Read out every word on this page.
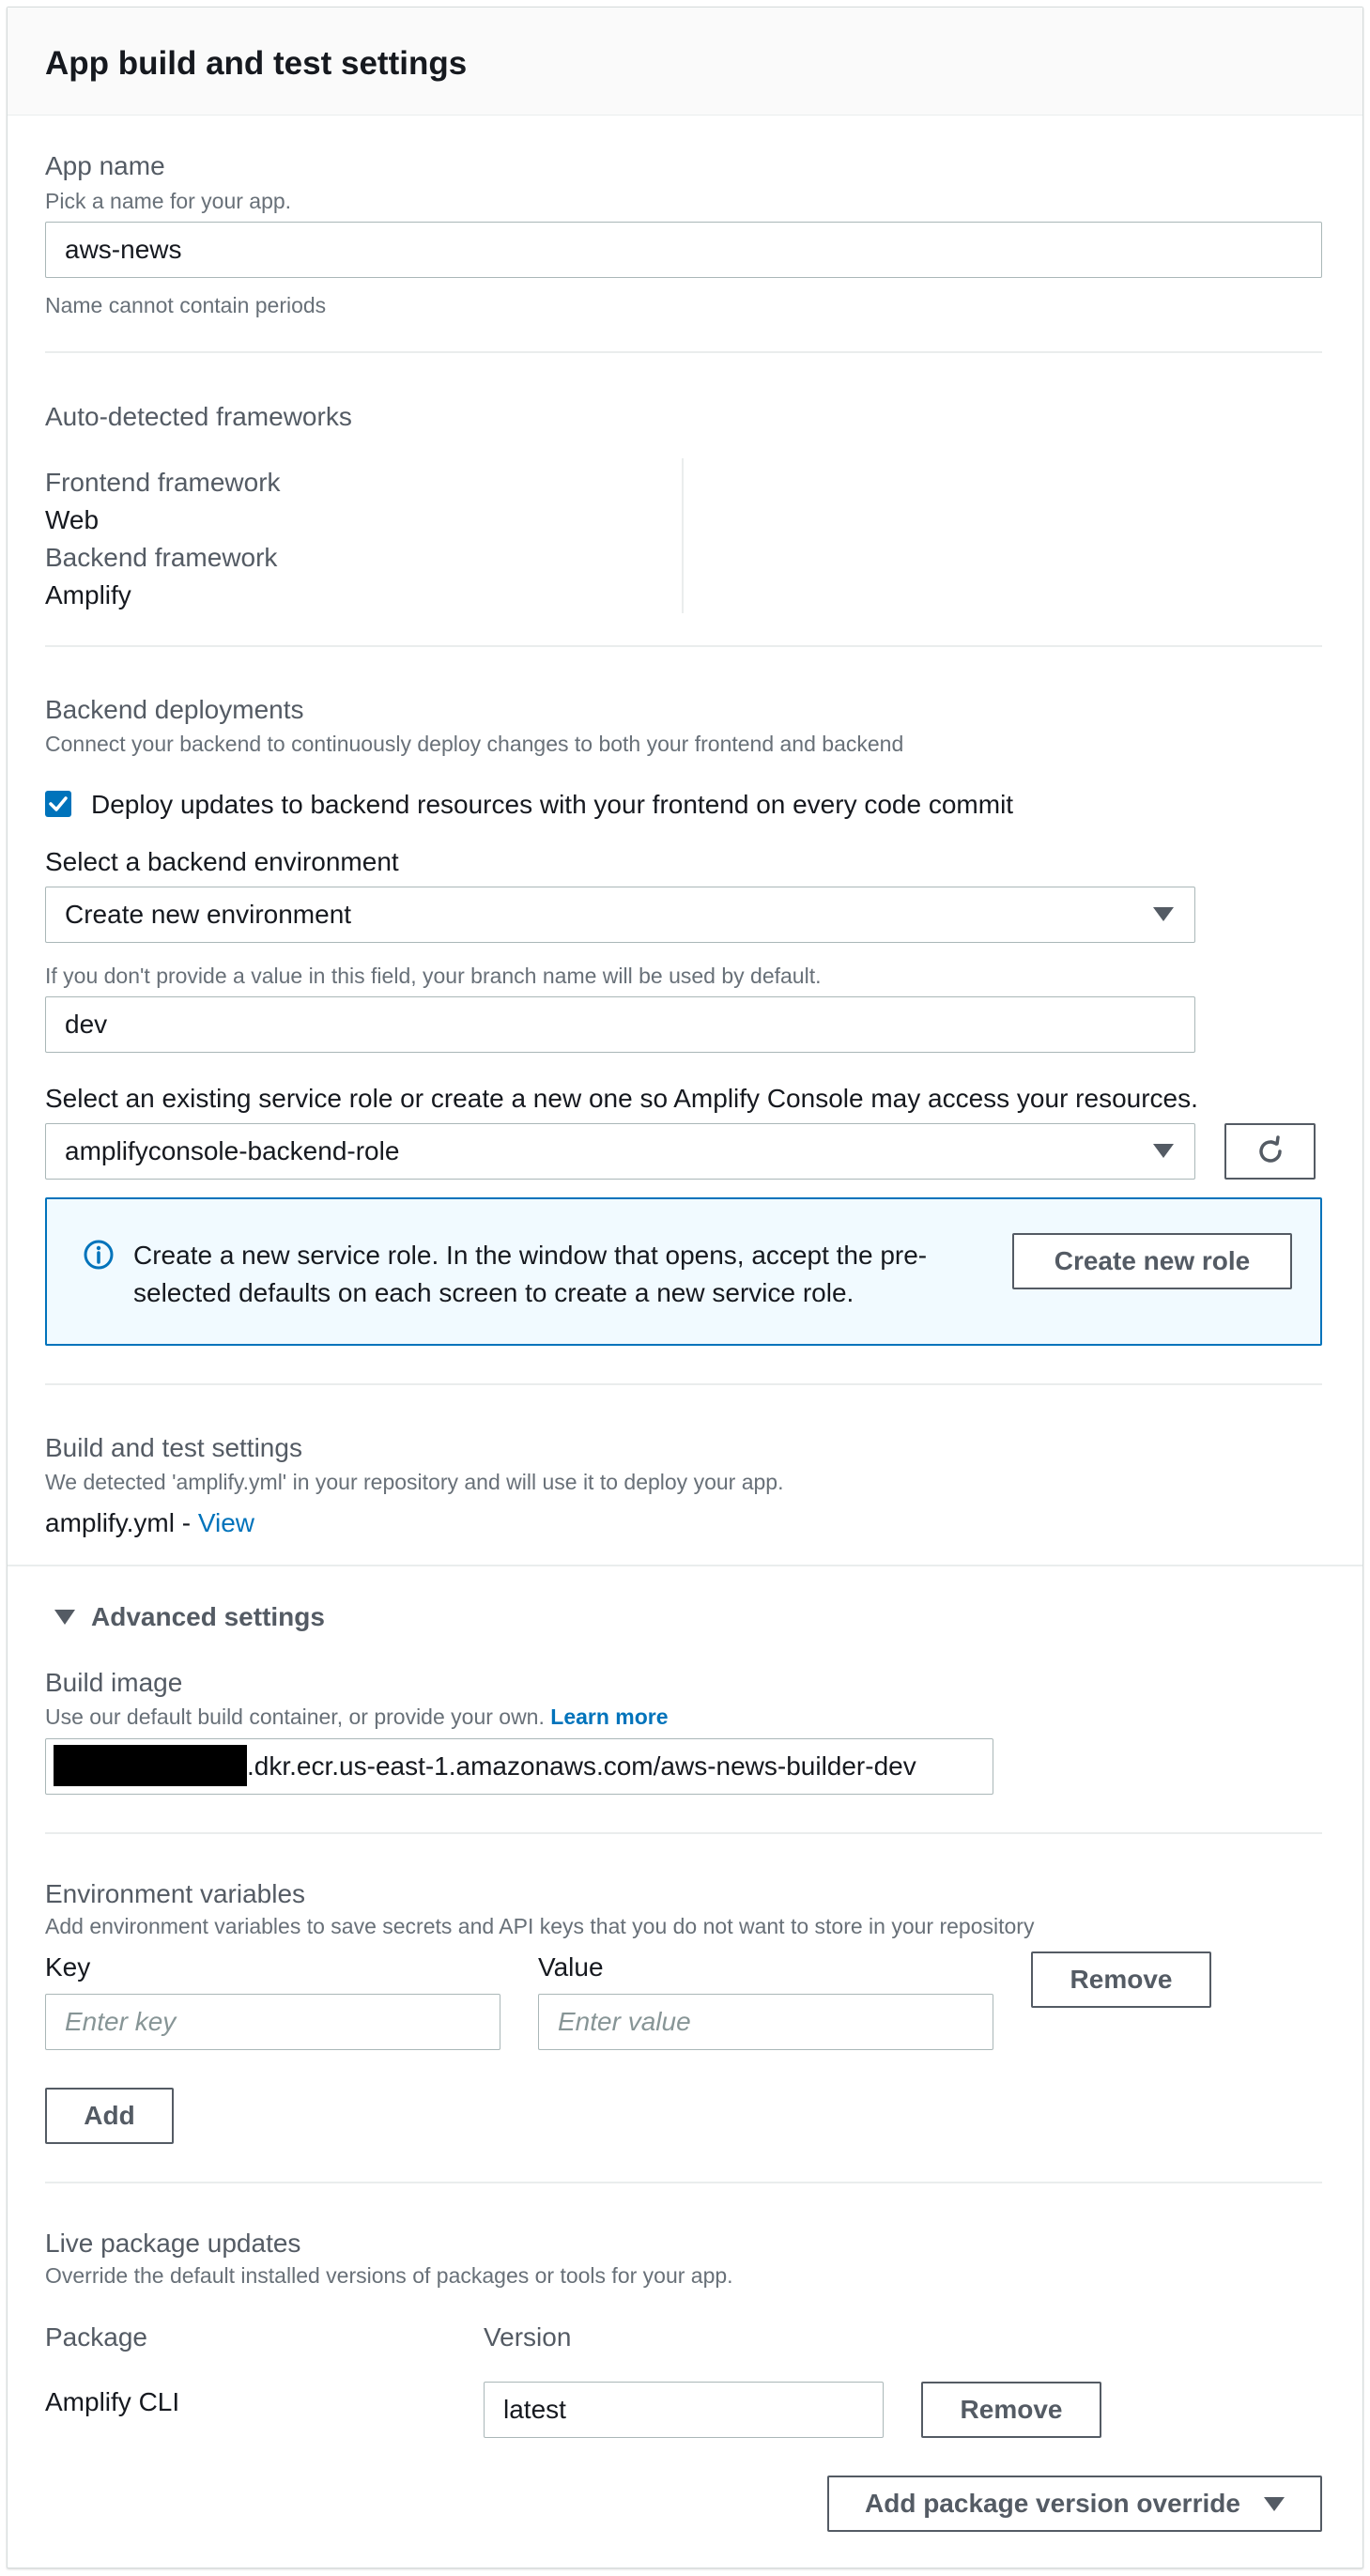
App build and test settings
App name
Pick a name for your app.
aws-news
Name cannot contain periods
Auto-detected frameworks
Frontend framework
Web
Backend framework
Amplify
Backend deployments
Connect your backend to continuously deploy changes to both your frontend and backend
Deploy updates to backend resources with your frontend on every code commit
Select a backend environment
Create new environment
If you don't provide a value in this field, your branch name will be used by default.
dev
Select an existing service role or create a new one so Amplify Console may access your resources.
amplifyconsole-backend-role
Create a new service role. In the window that opens, accept the pre-selected defaults on each screen to create a new service role.
Create new role
Build and test settings
We detected 'amplify.yml' in your repository and will use it to deploy your app.
amplify.yml - View
Advanced settings
Build image
Use our default build container, or provide your own. Learn more
.dkr.ecr.us-east-1.amazonaws.com/aws-news-builder-dev
Environment variables
Add environment variables to save secrets and API keys that you do not want to store in your repository
Key	Value
Enter key	Enter value
Remove
Add
Live package updates
Override the default installed versions of packages or tools for your app.
Package	Version
Amplify CLI	latest	Remove
Add package version override
